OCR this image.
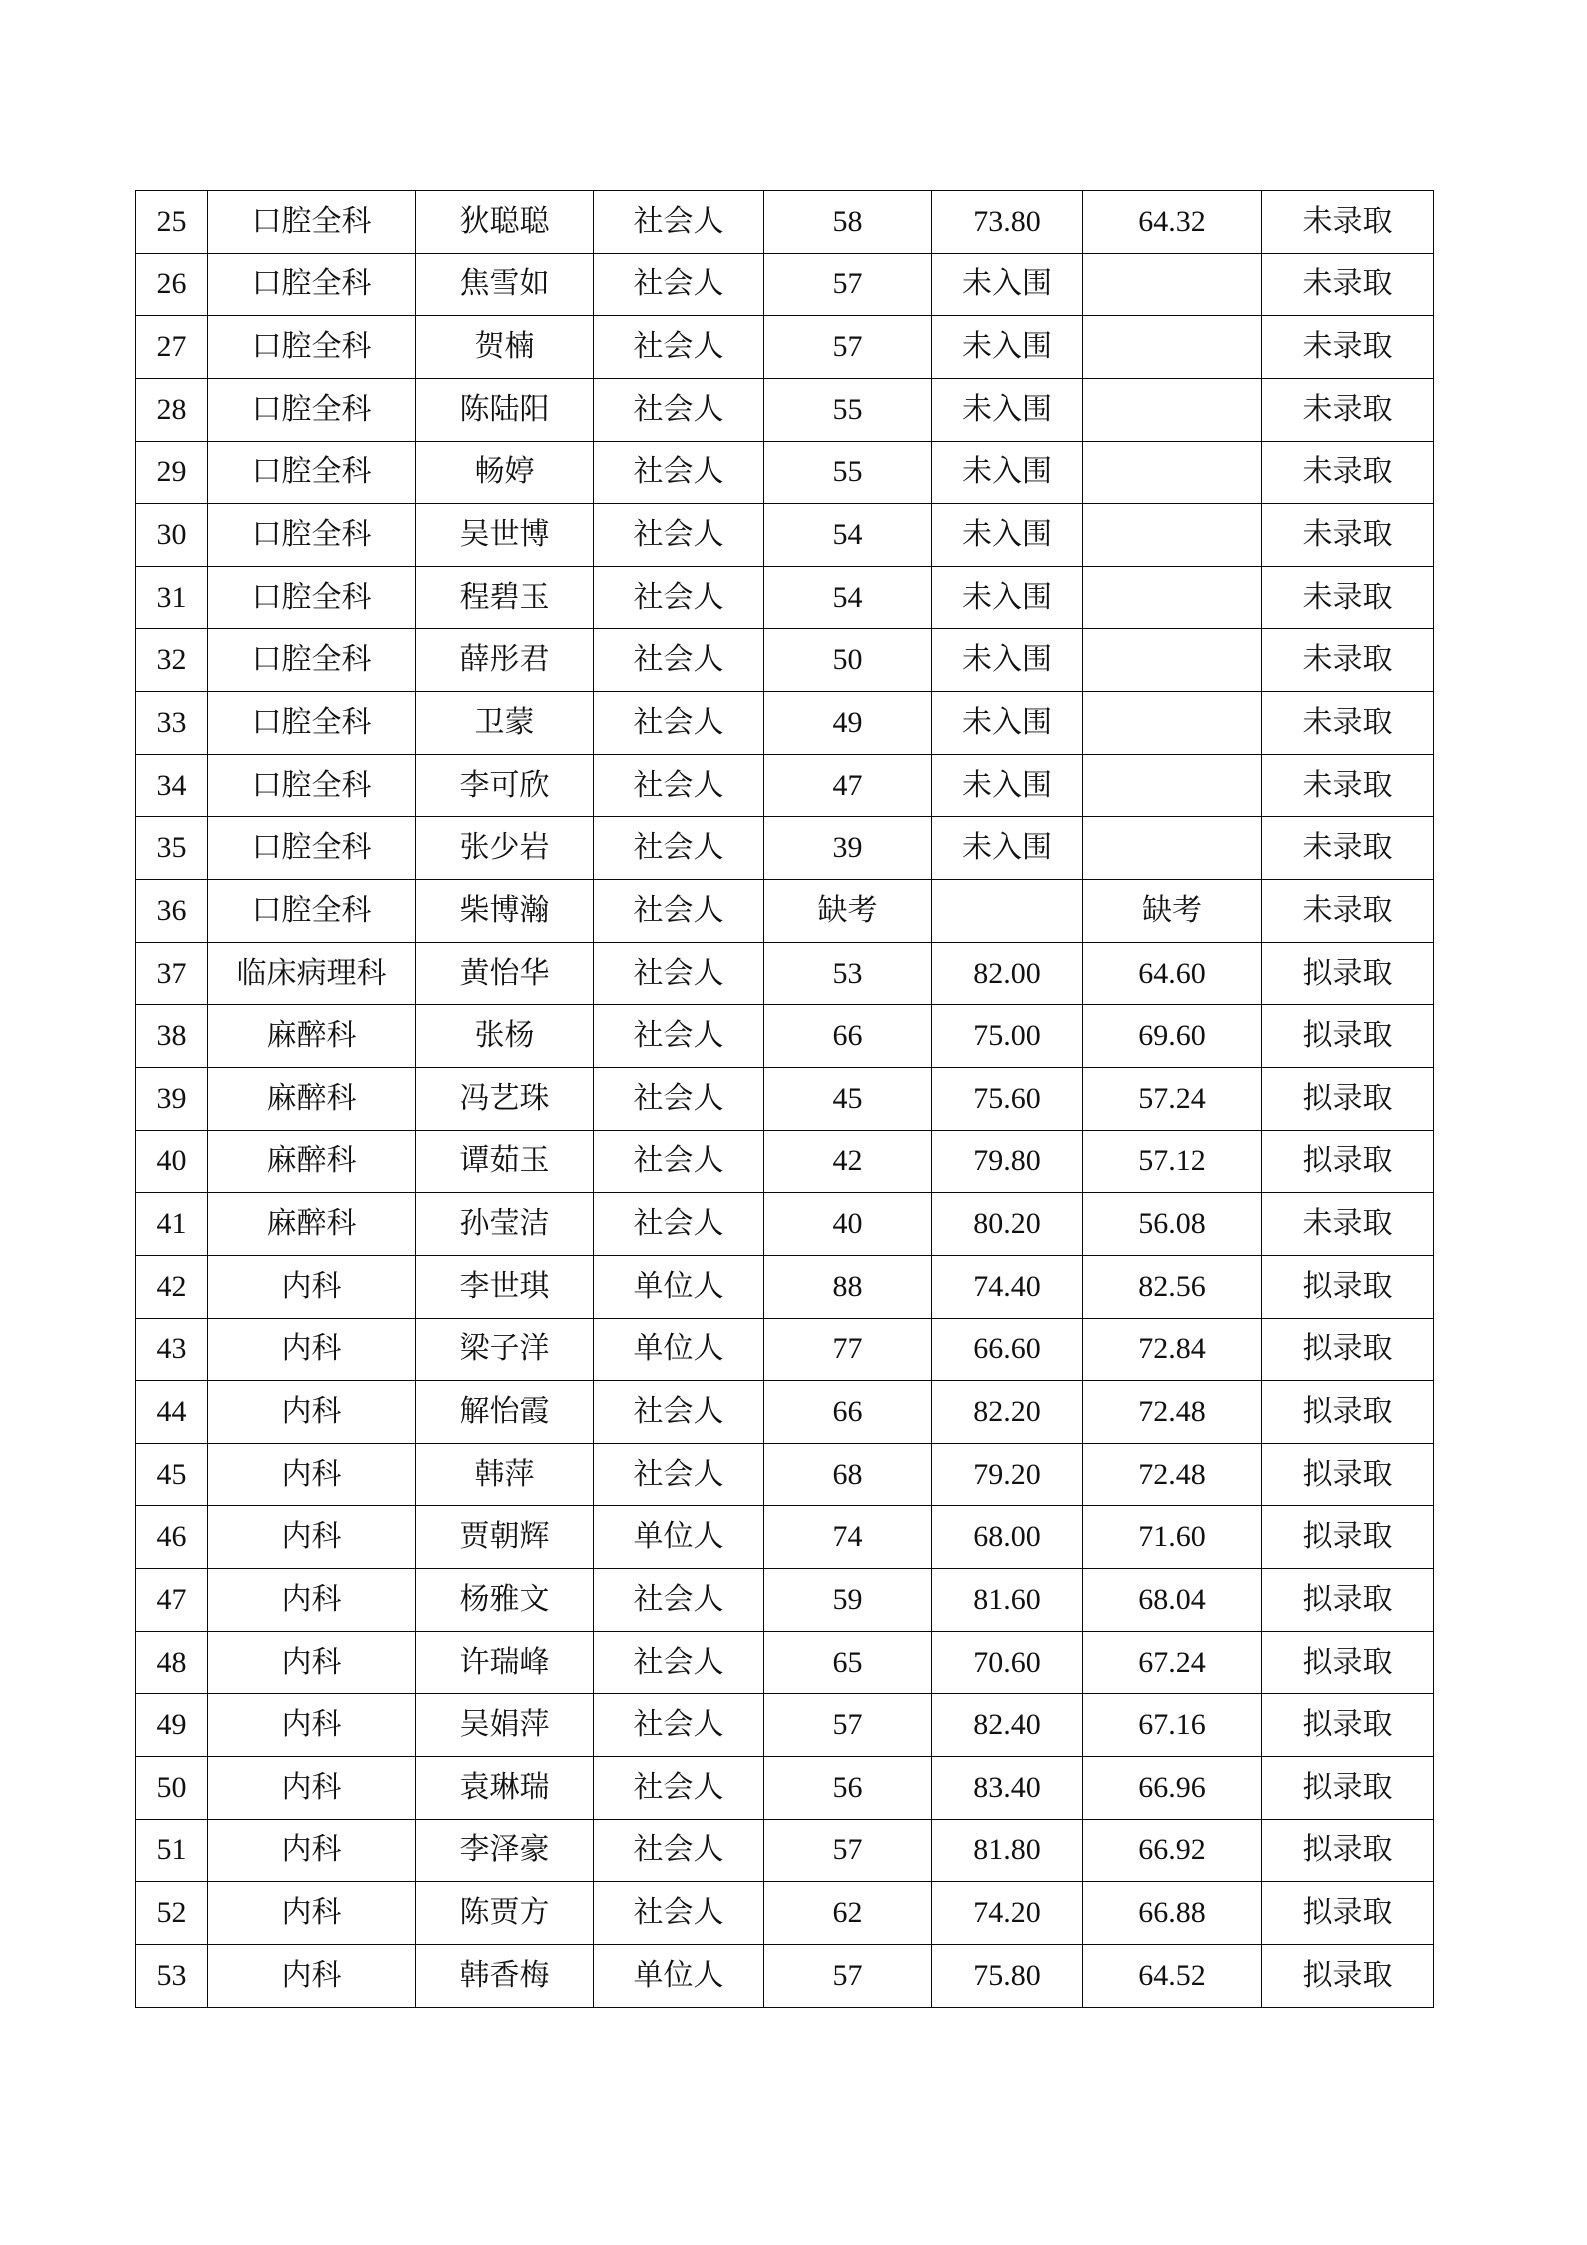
25	口腔全科	狄聪聪	社会人	58	73.80	64.32	未录取
26	口腔全科	焦雪如	社会人	57	未入围		未录取
27	口腔全科	贺楠	社会人	57	未入围		未录取
28	口腔全科	陈陆阳	社会人	55	未入围		未录取
29	口腔全科	畅婷	社会人	55	未入围		未录取
30	口腔全科	吴世博	社会人	54	未入围		未录取
31	口腔全科	程碧玉	社会人	54	未入围		未录取
32	口腔全科	薛彤君	社会人	50	未入围		未录取
33	口腔全科	卫蒙	社会人	49	未入围		未录取
34	口腔全科	李可欣	社会人	47	未入围		未录取
35	口腔全科	张少岩	社会人	39	未入围		未录取
36	口腔全科	柴博瀚	社会人	缺考		缺考	未录取
37	临床病理科	黄怡华	社会人	53	82.00	64.60	拟录取
38	麻醉科	张杨	社会人	66	75.00	69.60	拟录取
39	麻醉科	冯艺珠	社会人	45	75.60	57.24	拟录取
40	麻醉科	谭茹玉	社会人	42	79.80	57.12	拟录取
41	麻醉科	孙莹洁	社会人	40	80.20	56.08	未录取
42	内科	李世琪	单位人	88	74.40	82.56	拟录取
43	内科	梁子洋	单位人	77	66.60	72.84	拟录取
44	内科	解怡霞	社会人	66	82.20	72.48	拟录取
45	内科	韩萍	社会人	68	79.20	72.48	拟录取
46	内科	贾朝辉	单位人	74	68.00	71.60	拟录取
47	内科	杨雅文	社会人	59	81.60	68.04	拟录取
48	内科	许瑞峰	社会人	65	70.60	67.24	拟录取
49	内科	吴娟萍	社会人	57	82.40	67.16	拟录取
50	内科	袁琳瑞	社会人	56	83.40	66.96	拟录取
51	内科	李泽豪	社会人	57	81.80	66.92	拟录取
52	内科	陈贾方	社会人	62	74.20	66.88	拟录取
53	内科	韩香梅	单位人	57	75.80	64.52	拟录取
